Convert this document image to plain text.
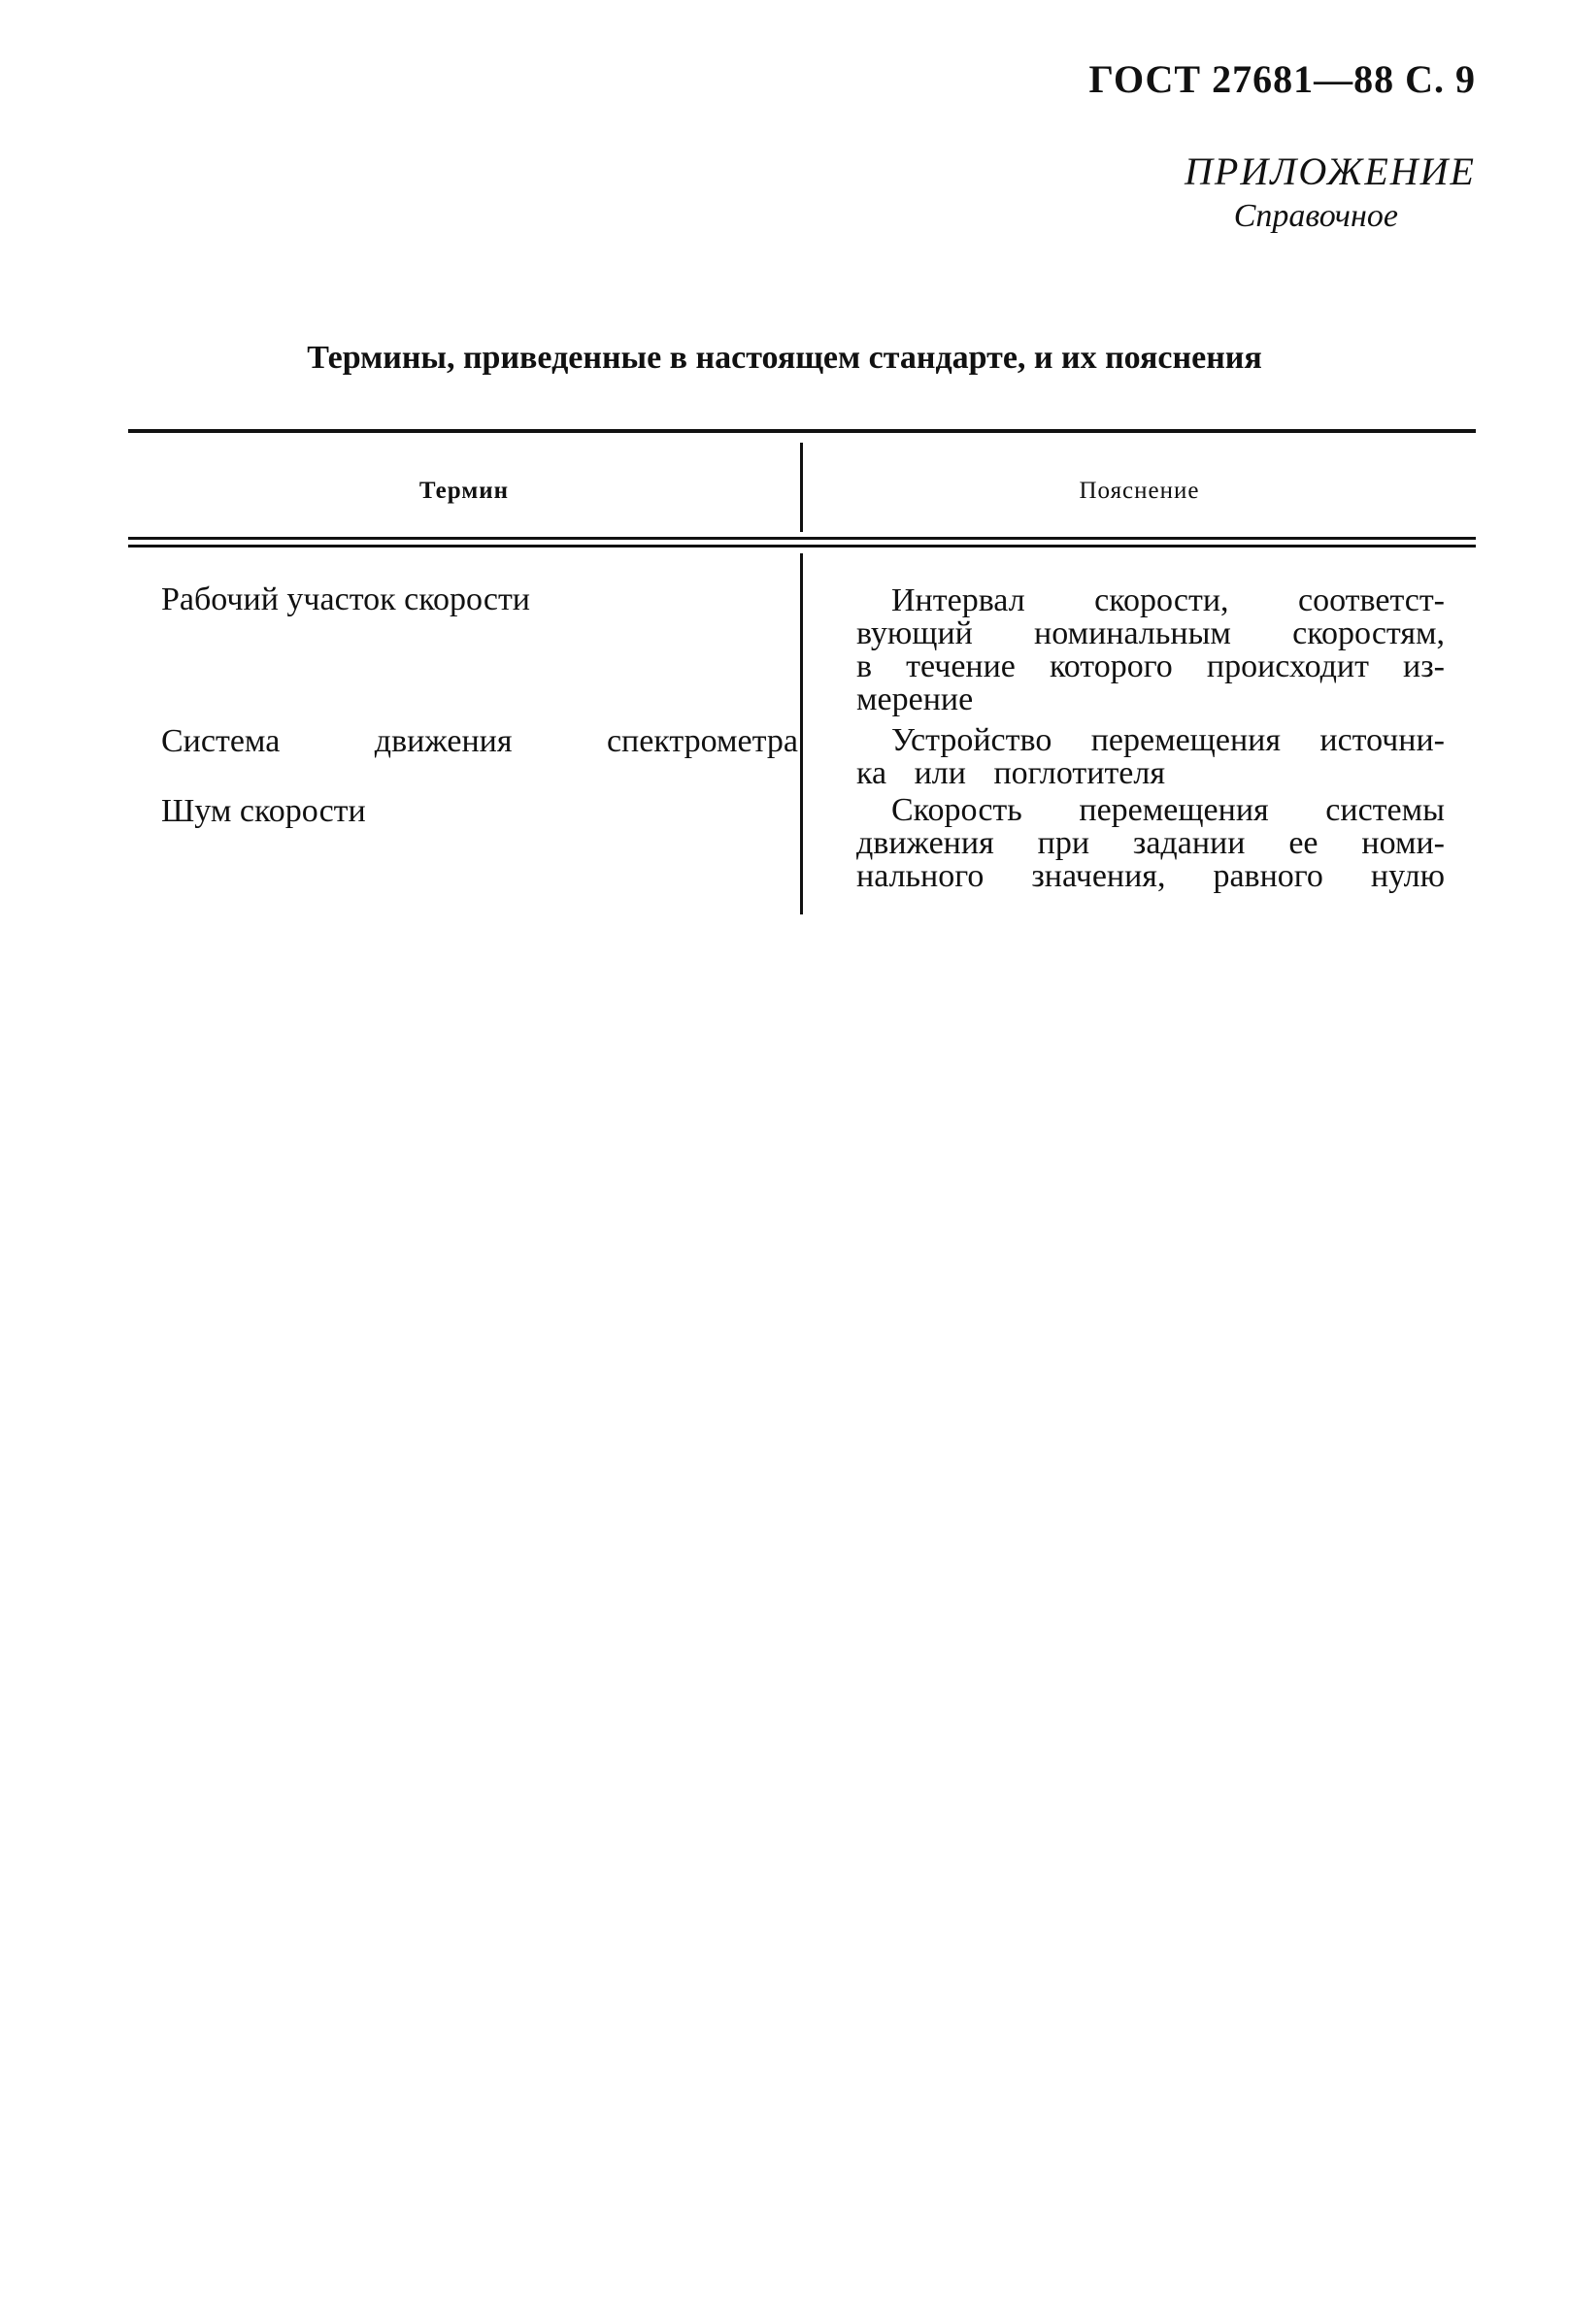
ГОСТ 27681—88 С. 9
ПРИЛОЖЕНИЕ
Справочное
Термины, приведенные в настоящем стандарте, и их пояснения
Термин	Пояснение
Рабочий участок скорости	Интервал скорости, соответст-
вующий номинальным скоростям,
в течение которого происходит из-
мерение
Система движения спектрометра	Устройство перемещения источни-
ка или поглотителя
Шум скорости	Скорость перемещения системы
движения при задании ее номи-
нального значения, равного нулю
